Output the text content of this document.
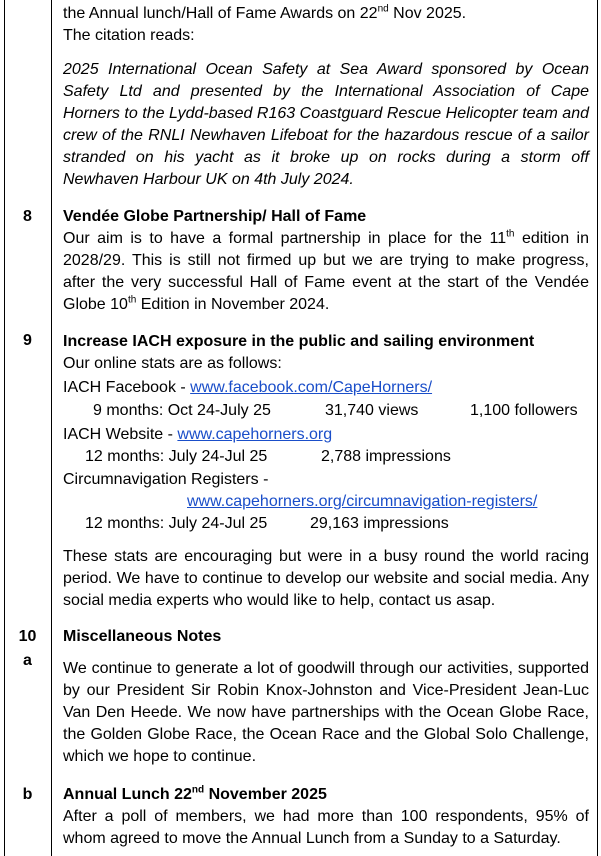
the Annual lunch/Hall of Fame Awards on 22nd Nov 2025.
The citation reads:
2025 International Ocean Safety at Sea Award sponsored by Ocean Safety Ltd and presented by the International Association of Cape Horners to the Lydd-based R163 Coastguard Rescue Helicopter team and crew of the RNLI Newhaven Lifeboat for the hazardous rescue of a sailor stranded on his yacht as it broke up on rocks during a storm off Newhaven Harbour UK on 4th July 2024.
8	Vendée Globe Partnership/ Hall of Fame
Our aim is to have a formal partnership in place for the 11th edition in 2028/29. This is still not firmed up but we are trying to make progress, after the very successful Hall of Fame event at the start of the Vendée Globe 10th Edition in November 2024.
9	Increase IACH exposure in the public and sailing environment
Our online stats are as follows:
IACH Facebook - www.facebook.com/CapeHorners/
9 months: Oct 24-July 25	31,740 views	1,100 followers
IACH Website - www.capehorners.org
12 months: July 24-Jul 25	2,788 impressions
Circumnavigation Registers -
www.capehorners.org/circumnavigation-registers/
12 months: July 24-Jul 25	29,163 impressions
These stats are encouraging but were in a busy round the world racing period. We have to continue to develop our website and social media. Any social media experts who would like to help, contact us asap.
10	Miscellaneous Notes
a	We continue to generate a lot of goodwill through our activities, supported by our President Sir Robin Knox-Johnston and Vice-President Jean-Luc Van Den Heede. We now have partnerships with the Ocean Globe Race, the Golden Globe Race, the Ocean Race and the Global Solo Challenge, which we hope to continue.
b	Annual Lunch 22nd November 2025
After a poll of members, we had more than 100 respondents, 95% of whom agreed to move the Annual Lunch from a Sunday to a Saturday.
